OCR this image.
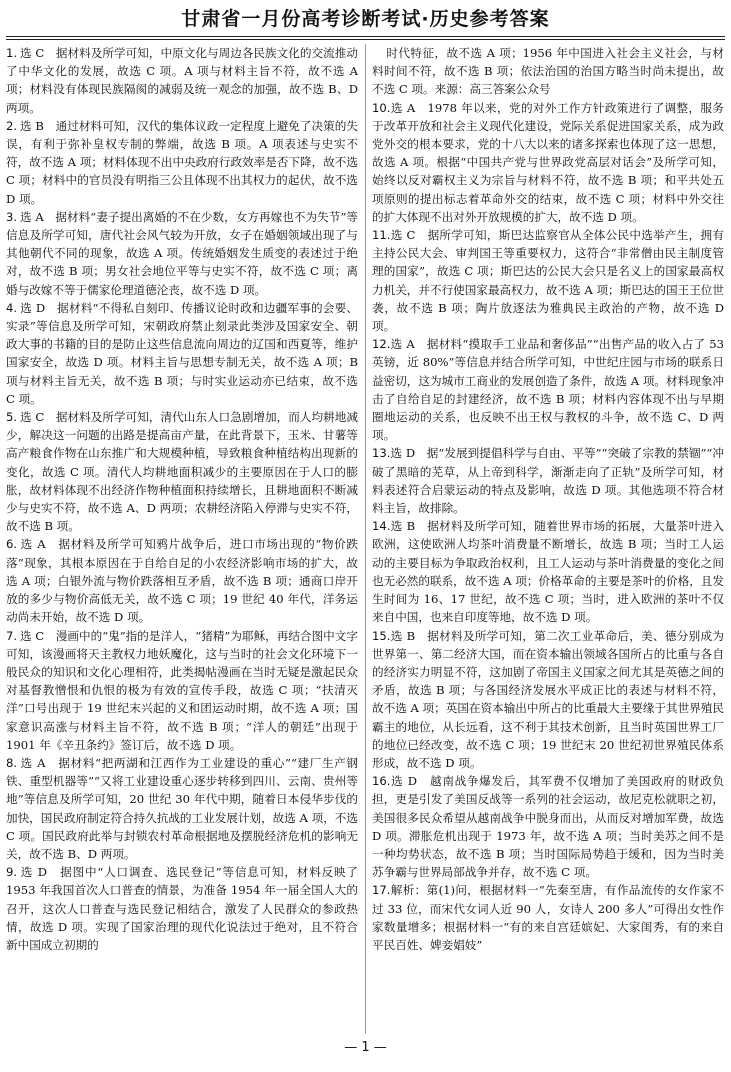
甘肃省一月份高考诊断考试·历史参考答案
1. 选 C　据材料及所学可知，中原文化与周边各民族文化的交流推动了中华文化的发展，故选 C 项。A 项与材料主旨不符，故不选 A 项；材料没有体现民族隔阂的减弱及统一观念的加强，故不选 B、D 两项。
2. 选 B　通过材料可知，汉代的集体议政一定程度上避免了决策的失误，有利于弥补皇权专制的弊端，故选 B 项。A 项表述与史实不符，故不选 A 项；材料体现不出中央政府行政效率是否下降，故不选 C 项；材料中的官员没有明指三公且体现不出其权力的起伏，故不选 D 项。
3. 选 A　据材料“妻子提出离婚的不在少数，女方再嫁也不为失节”等信息及所学可知，唐代社会风气较为开放，女子在婚姻领域出现了与其他朝代不同的现象，故选 A 项。传统婚姻发生质变的表述过于绝对，故不选 B 项；男女社会地位平等与史实不符，故不选 C 项；离婚与改嫁不等于儒家伦理道德沦丧，故不选 D 项。
4. 选 D　据材料“不得私自刻印、传播议论时政和边疆军事的会要、实录”等信息及所学可知，宋朝政府禁止刻录此类涉及国家安全、朝政大事的书籍的目的是防止这些信息流向周边的辽国和西夏等，维护国家安全，故选 D 项。材料主旨与思想专制无关，故不选 A 项；B 项与材料主旨无关，故不选 B 项；与时实业运动亦已结束，故不选 C 项。
5. 选 C　据材料及所学可知，清代山东人口急剧增加，而人均耕地减少，解决这一问题的出路是提高亩产量，在此背景下，玉米、甘薯等高产粮食作物在山东推广和大规模种植，导致粮食种植结构出现新的变化，故选 C 项。清代人均耕地面积减少的主要原因在于人口的膨胀，故材料体现不出经济作物种植面积持续增长，且耕地面积不断减少与史实不符，故不选 A、D 两项；农耕经济陷入停滞与史实不符，故不选 B 项。
6. 选 A　据材料及所学可知鸦片战争后，进口市场出现的“物价跌落”现象，其根本原因在于自给自足的小农经济影响市场的扩大，故选 A 项；白银外流与物价跌落相互矛盾，故不选 B 项；通商口岸开放的多少与物价高低无关，故不选 C 项；19 世纪 40 年代，洋务运动尚未开始，故不选 D 项。
7. 选 C　漫画中的“鬼”指的是洋人，“猪精”为耶稣，再结合图中文字可知，该漫画将天主教权力地妖魔化，这与当时的社会文化环境下一般民众的知识和文化心理相符，此类揭帖漫画在当时无疑是激起民众对基督教憎恨和仇恨的极为有效的宣传手段，故选 C 项；“扶清灭洋”口号出现于 19 世纪末兴起的义和团运动时期，故不选 A 项；国家意识高涨与材料主旨不符，故不选 B 项；“洋人的朝廷”出现于 1901 年《辛丑条约》签订后，故不选 D 项。
8. 选 A　据材料“把两湖和江西作为工业建设的重心”“建厂生产钢铁、重型机器等”“又将工业建设重心逐步转移到四川、云南、贵州等地”等信息及所学可知，20 世纪 30 年代中期，随着日本侵华步伐的加快，国民政府制定符合持久抗战的工业发展计划，故选 A 项，不选 C 项。国民政府此举与封锁农村革命根据地及摆脱经济危机的影响无关，故不选 B、D 两项。
9. 选 D　据图中“人口调查、选民登记”等信息可知，材料反映了 1953 年我国首次人口普查的情景，为准备 1954 年一届全国人大的召开，这次人口普查与选民登记相结合，激发了人民群众的参政热情，故选 D 项。实现了国家治理的现代化说法过于绝对，且不符合新中国成立初期的
时代特征，故不选 A 项；1956 年中国进入社会主义社会，与材料时间不符，故不选 B 项；依法治国的治国方略当时尚未提出，故不选 C 项。来源：高三答案公众号
10.选 A　1978 年以来，党的对外工作方针政策进行了调整，服务于改革开放和社会主义现代化建设，党际关系促进国家关系，成为政党外交的根本要求，党的十八大以来的诸多探索也体现了这一思想，故选 A 项。根据“中国共产党与世界政党高层对话会”及所学可知，始终以反对霸权主义为宗旨与材料不符，故不选 B 项；和平共处五项原则的提出标志着革命外交的结束，故不选 C 项；材料中外交往的扩大体现不出对外开放规模的扩大，故不选 D 项。
11.选 C　据所学可知，斯巴达监察官从全体公民中选举产生，拥有主持公民大会、审判国王等重要权力，这符合“非常僧由民主制度管理的国家”，故选 C 项；斯巴达的公民大会只是名义上的国家最高权力机关，并不行使国家最高权力，故不选 A 项；斯巴达的国王王位世袭，故不选 B 项；陶片放逐法为雅典民主政治的产物，故不选 D 项。
12.选 A　据材料“摸取手工业品和奢侈品”“出售产品的收入占了 53 英镑，近 80%”等信息并结合所学可知，中世纪庄园与市场的联系日益密切，这为城市工商业的发展创造了条件，故选 A 项。材料现象冲击了自给自足的封建经济，故不选 B 项；材料内容体现不出与早期圈地运动的关系，也反映不出王权与教权的斗争，故不选 C、D 两项。
13.选 D　据“发展到提倡科学与自由、平等”“突破了宗教的禁锢”“冲破了黑暗的芜草，从上帝到科学，渐渐走向了正轨”及所学可知，材料表述符合启蒙运动的特点及影响，故选 D 项。其他选项不符合材料主旨，故排除。
14.选 B　据材料及所学可知，随着世界市场的拓展，大量茶叶进入欧洲，这使欧洲人均茶叶消费量不断增长，故选 B 项；当时工人运动的主要目标为争取政治权利，且工人运动与茶叶消费量的变化之间也无必然的联系，故不选 A 项；价格革命的主要是茶叶的价格，且发生时间为 16、17 世纪，故不选 C 项；当时，进入欧洲的茶叶不仅来自中国，也来自印度等地，故不选 D 项。
15.选 B　据材料及所学可知，第二次工业革命后，美、德分别成为世界第一、第二经济大国，而在资本输出领域各国所占的比重与各自的经济实力明显不符，这加剧了帝国主义国家之间尤其是英德之间的矛盾，故选 B 项；与各国经济发展水平成正比的表述与材料不符，故不选 A 项；英国在资本输出中所占的比重最大主要缘于其世界殖民霸主的地位，从长远看，这不利于其技术创新，且当时英国世界工厂的地位已经改变，故不选 C 项；19 世纪末 20 世纪初世界殖民体系形成，故不选 D 项。
16.选 D　越南战争爆发后，其军费不仅增加了美国政府的财政负担，更是引发了美国反战等一系列的社会运动，故尼克松就职之初，美国很多民众希望从越南战争中脱身而出，从而反对增加军费，故选 D 项。滞胀危机出现于 1973 年，故不选 A 项；当时美苏之间不是一种均势状态，故不选 B 项；当时国际局势趋于缓和，因为当时美苏争霸与世界局部战争并存，故不选 C 项。
17.解析：第(1)问，根据材料一“先秦至唐，有作品流传的女作家不过 33 位，而宋代女词人近 90 人，女诗人 200 多人”可得出女性作家数量增多；根据材料一“有的来自宫廷嫔妃、大家闺秀，有的来自平民百姓、婢妾娼妓”
— 1 —
